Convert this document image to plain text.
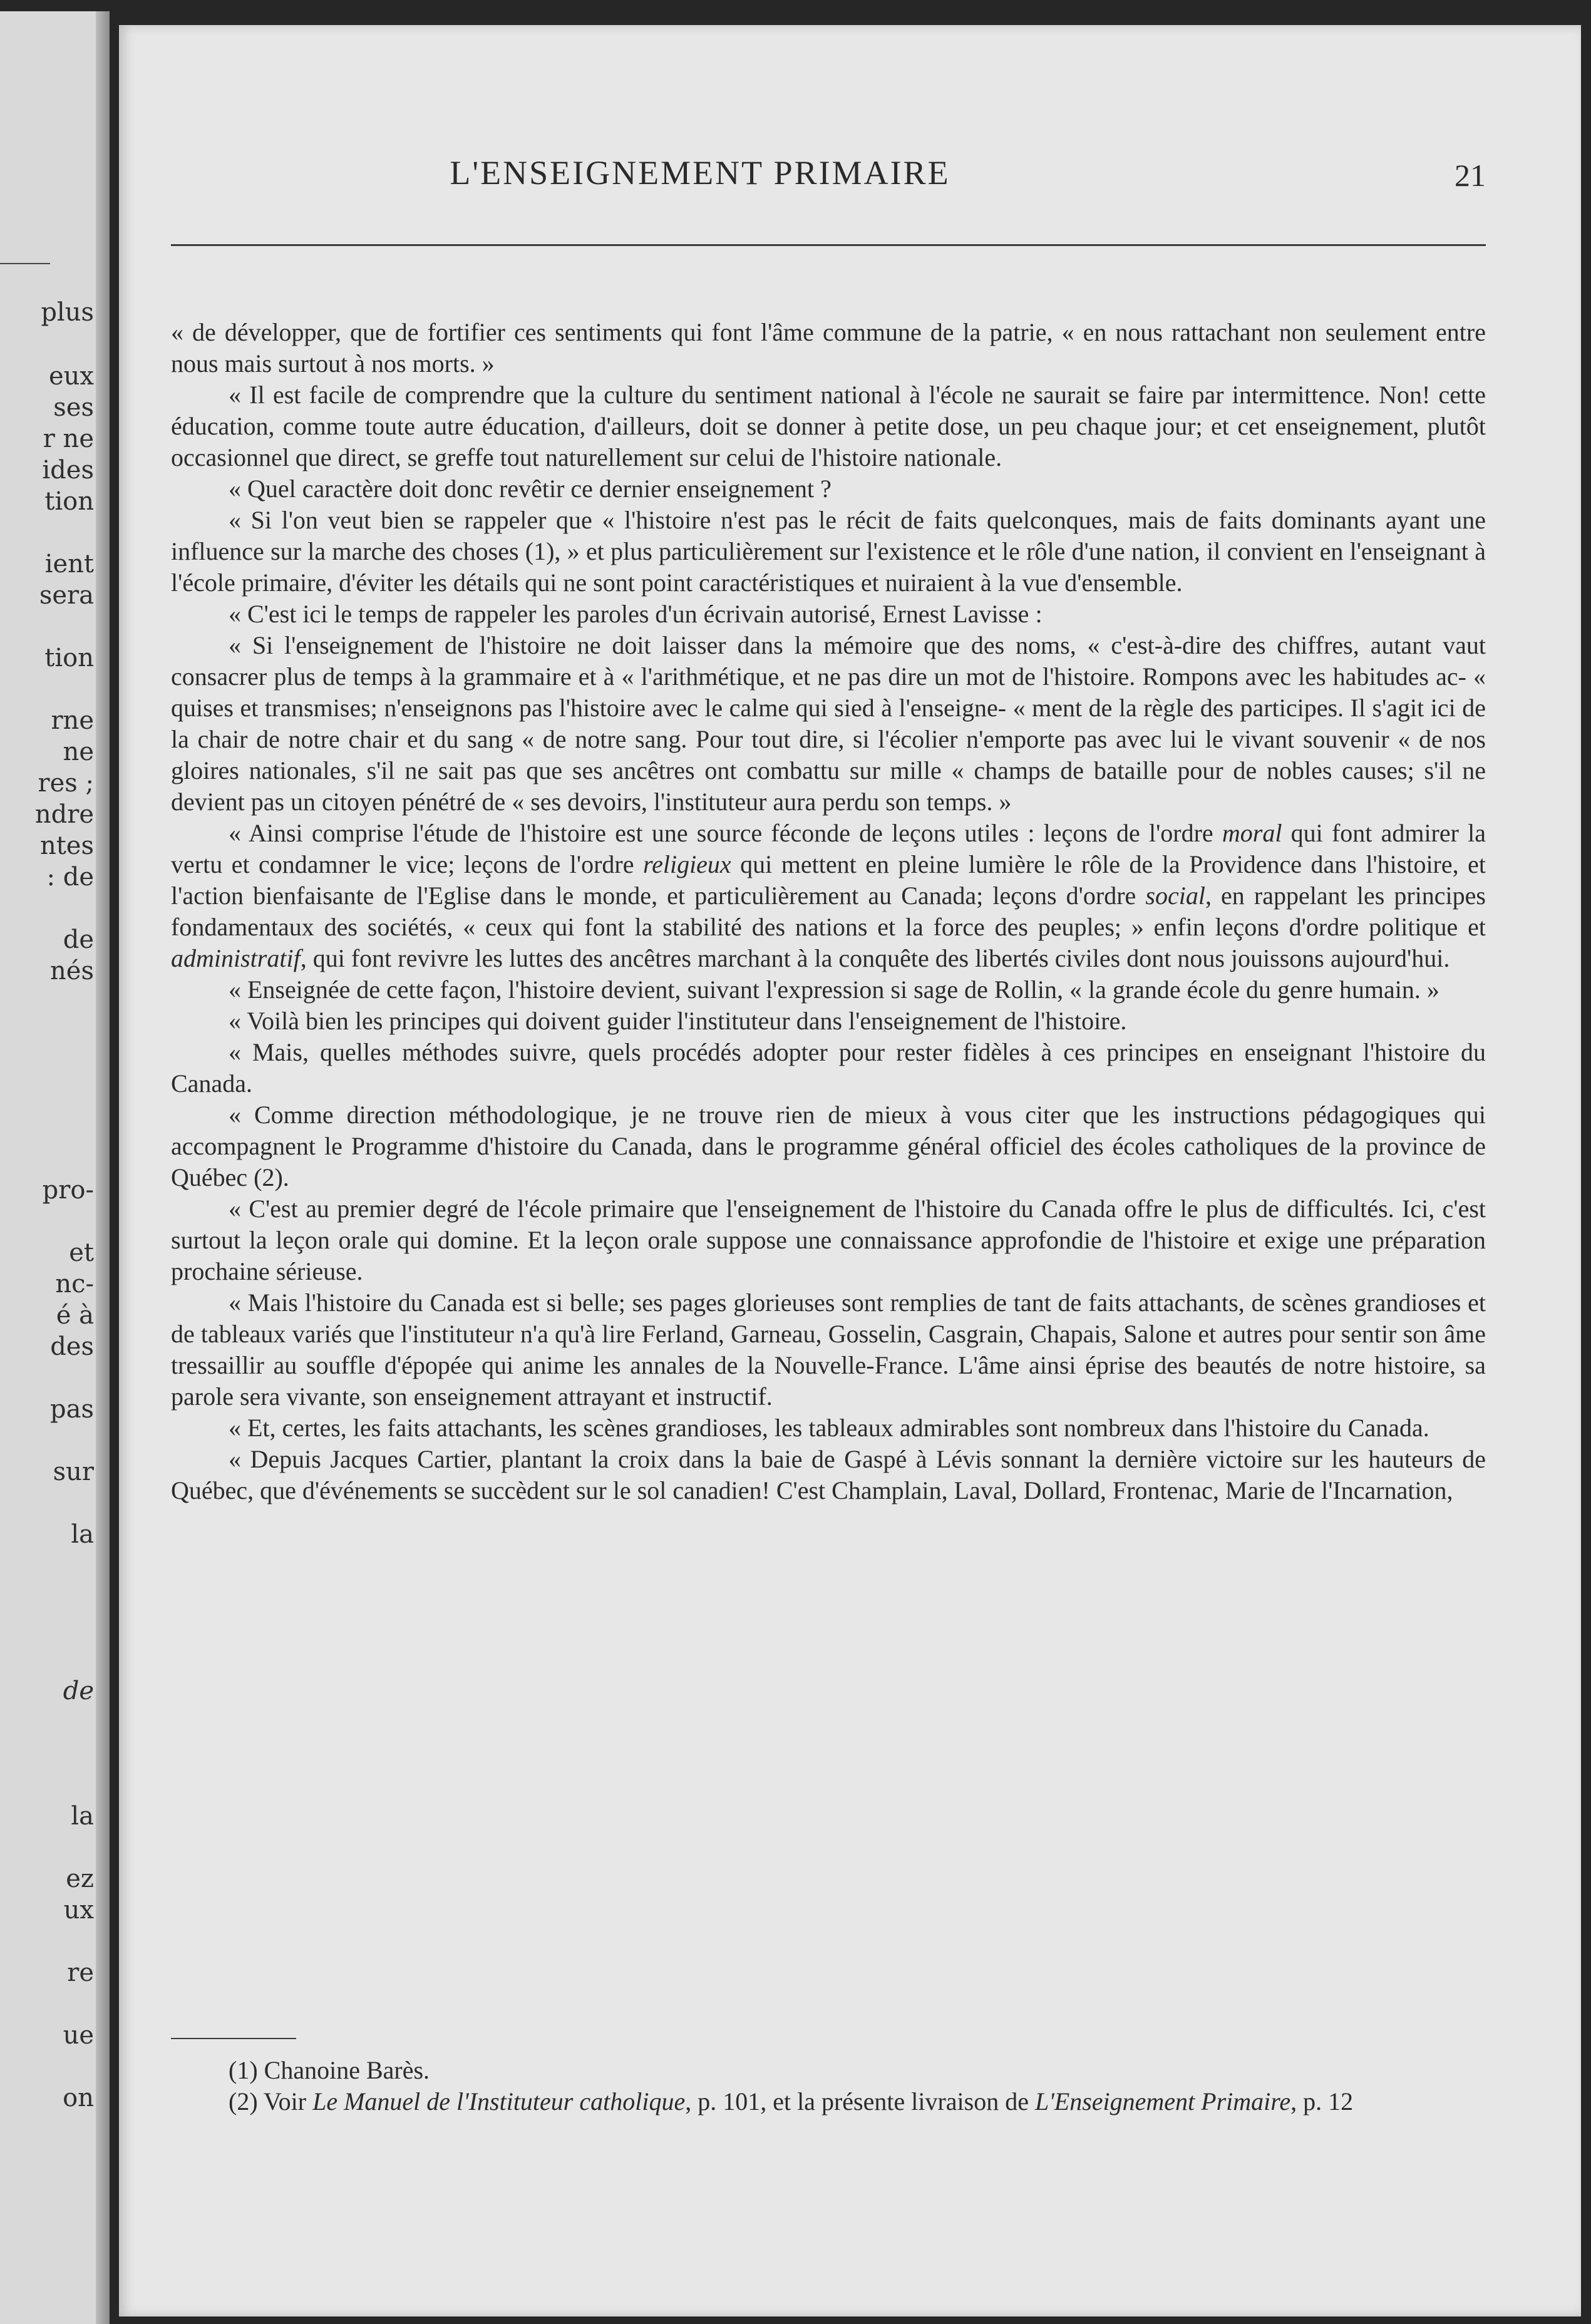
plus
eux
ses
r ne
ides
tion
ient
sera
tion
rne
ne
res ;
ndre
ntes
: de
de
nés
pro-
et
nc-
é à
des
pas
sur
la
de
la
ez
ux
re
ue
on
L'ENSEIGNEMENT PRIMAIRE	21

« de développer, que de fortifier ces sentiments qui font l'âme commune de la patrie, « en nous rattachant non seulement entre nous mais surtout à nos morts. »

« Il est facile de comprendre que la culture du sentiment national à l'école ne saurait se faire par intermittence. Non! cette éducation, comme toute autre éducation, d'ailleurs, doit se donner à petite dose, un peu chaque jour; et cet enseignement, plutôt occasionnel que direct, se greffe tout naturellement sur celui de l'histoire nationale.

« Quel caractère doit donc revêtir ce dernier enseignement ?

« Si l'on veut bien se rappeler que « l'histoire n'est pas le récit de faits quelconques, mais de faits dominants ayant une influence sur la marche des choses (1), » et plus particulièrement sur l'existence et le rôle d'une nation, il convient en l'enseignant à l'école primaire, d'éviter les détails qui ne sont point caractéristiques et nuiraient à la vue d'ensemble.

« C'est ici le temps de rappeler les paroles d'un écrivain autorisé, Ernest Lavisse :

« Si l'enseignement de l'histoire ne doit laisser dans la mémoire que des noms, « c'est-à-dire des chiffres, autant vaut consacrer plus de temps à la grammaire et à « l'arithmétique, et ne pas dire un mot de l'histoire. Rompons avec les habitudes ac- « quises et transmises; n'enseignons pas l'histoire avec le calme qui sied à l'enseigne- « ment de la règle des participes. Il s'agit ici de la chair de notre chair et du sang « de notre sang. Pour tout dire, si l'écolier n'emporte pas avec lui le vivant souvenir « de nos gloires nationales, s'il ne sait pas que ses ancêtres ont combattu sur mille « champs de bataille pour de nobles causes; s'il ne devient pas un citoyen pénétré de « ses devoirs, l'instituteur aura perdu son temps. »

« Ainsi comprise l'étude de l'histoire est une source féconde de leçons utiles : leçons de l'ordre moral qui font admirer la vertu et condamner le vice; leçons de l'ordre religieux qui mettent en pleine lumière le rôle de la Providence dans l'histoire, et l'action bienfaisante de l'Eglise dans le monde, et particulièrement au Canada; leçons d'ordre social, en rappelant les principes fondamentaux des sociétés, « ceux qui font la stabilité des nations et la force des peuples; » enfin leçons d'ordre politique et administratif, qui font revivre les luttes des ancêtres marchant à la conquête des libertés civiles dont nous jouissons aujourd'hui.

« Enseignée de cette façon, l'histoire devient, suivant l'expression si sage de Rollin, « la grande école du genre humain. »

« Voilà bien les principes qui doivent guider l'instituteur dans l'enseignement de l'histoire.

« Mais, quelles méthodes suivre, quels procédés adopter pour rester fidèles à ces principes en enseignant l'histoire du Canada.

« Comme direction méthodologique, je ne trouve rien de mieux à vous citer que les instructions pédagogiques qui accompagnent le Programme d'histoire du Canada, dans le programme général officiel des écoles catholiques de la province de Québec (2).

« C'est au premier degré de l'école primaire que l'enseignement de l'histoire du Canada offre le plus de difficultés. Ici, c'est surtout la leçon orale qui domine. Et la leçon orale suppose une connaissance approfondie de l'histoire et exige une préparation prochaine sérieuse.

« Mais l'histoire du Canada est si belle; ses pages glorieuses sont remplies de tant de faits attachants, de scènes grandioses et de tableaux variés que l'instituteur n'a qu'à lire Ferland, Garneau, Gosselin, Casgrain, Chapais, Salone et autres pour sentir son âme tressaillir au souffle d'épopée qui anime les annales de la Nouvelle-France. L'âme ainsi éprise des beautés de notre histoire, sa parole sera vivante, son enseignement attrayant et instructif.

« Et, certes, les faits attachants, les scènes grandioses, les tableaux admirables sont nombreux dans l'histoire du Canada.

« Depuis Jacques Cartier, plantant la croix dans la baie de Gaspé à Lévis sonnant la dernière victoire sur les hauteurs de Québec, que d'événements se succèdent sur le sol canadien! C'est Champlain, Laval, Dollard, Frontenac, Marie de l'Incarnation,

(1) Chanoine Barès.

(2) Voir Le Manuel de l'Instituteur catholique, p. 101, et la présente livraison de L'Enseignement Primaire, p. 12
